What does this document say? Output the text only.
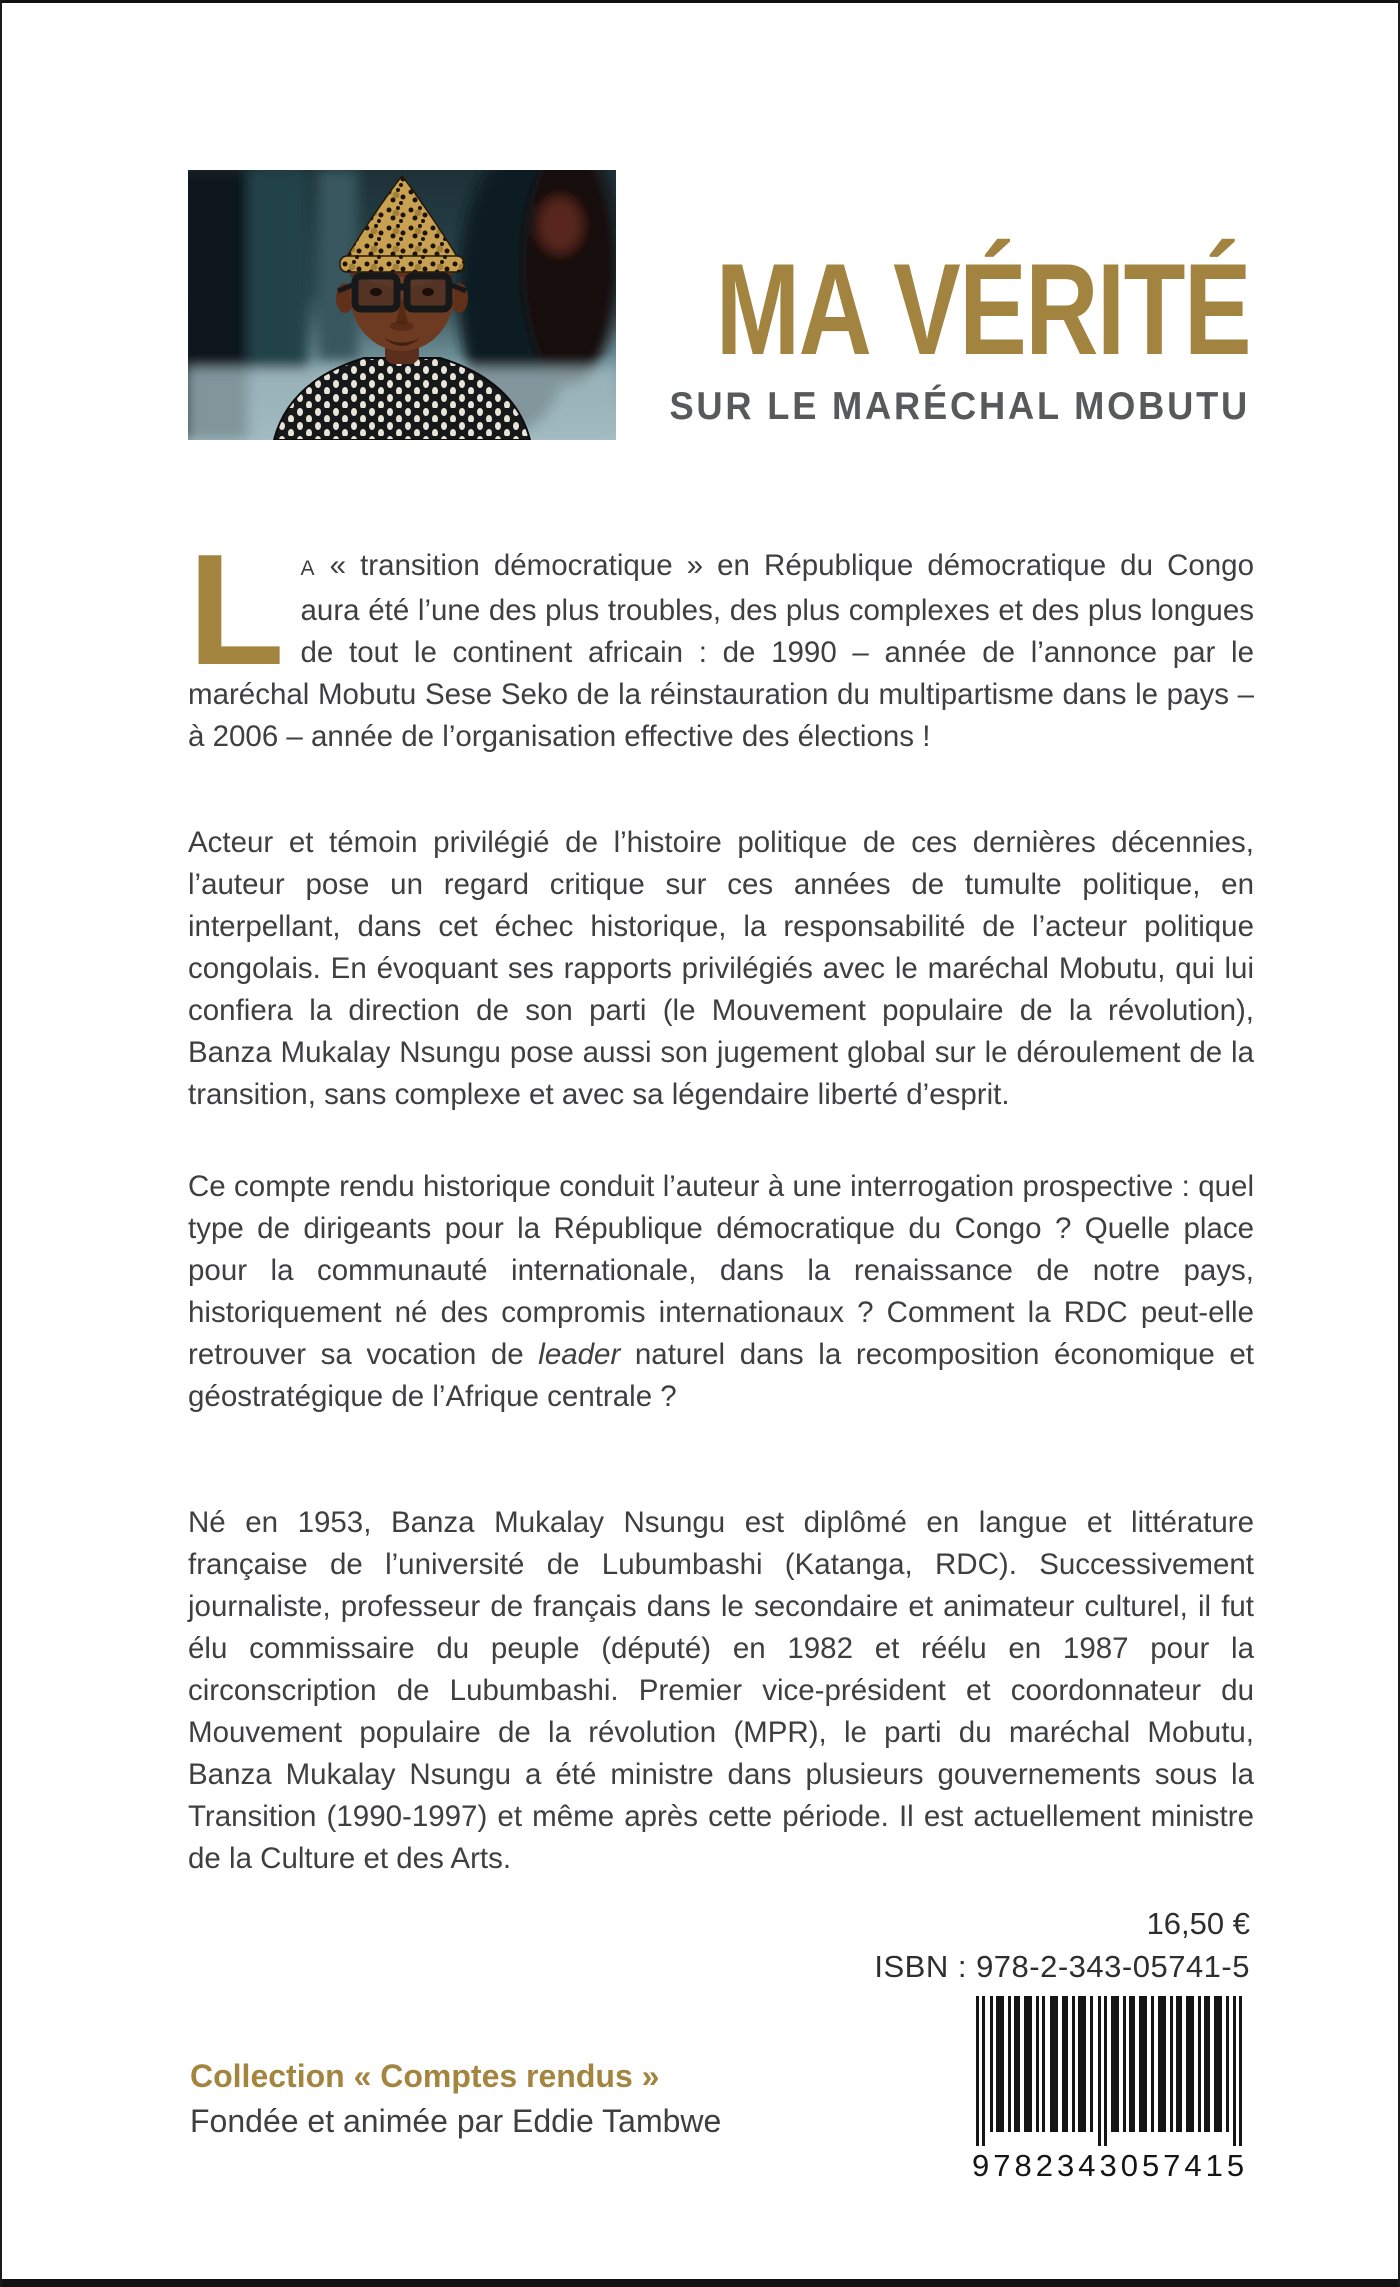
MA VÉRITÉ
SUR LE MARÉCHAL MOBUTU

L A « transition démocratique » en République démocratique du Congo aura été l’une des plus troubles, des plus complexes et des plus longues de tout le continent africain : de 1990 – année de l’annonce par le maréchal Mobutu Sese Seko de la réinstauration du multipartisme dans le pays – à 2006 – année de l’organisation effective des élections !

Acteur et témoin privilégié de l’histoire politique de ces dernières décennies, l’auteur pose un regard critique sur ces années de tumulte politique, en interpellant, dans cet échec historique, la responsabilité de l’acteur politique congolais. En évoquant ses rapports privilégiés avec le maréchal Mobutu, qui lui confiera la direction de son parti (le Mouvement populaire de la révolution), Banza Mukalay Nsungu pose aussi son jugement global sur le déroulement de la transition, sans complexe et avec sa légendaire liberté d’esprit.

Ce compte rendu historique conduit l’auteur à une interrogation prospective : quel type de dirigeants pour la République démocratique du Congo ? Quelle place pour la communauté internationale, dans la renaissance de notre pays, historiquement né des compromis internationaux ? Comment la RDC peut-elle retrouver sa vocation de leader naturel dans la recomposition économique et géostratégique de l’Afrique centrale ?

Né en 1953, Banza Mukalay Nsungu est diplômé en langue et littérature française de l’université de Lubumbashi (Katanga, RDC). Successivement journaliste, professeur de français dans le secondaire et animateur culturel, il fut élu commissaire du peuple (député) en 1982 et réélu en 1987 pour la circonscription de Lubumbashi. Premier vice-président et coordonnateur du Mouvement populaire de la révolution (MPR), le parti du maréchal Mobutu, Banza Mukalay Nsungu a été ministre dans plusieurs gouvernements sous la Transition (1990-1997) et même après cette période. Il est actuellement ministre de la Culture et des Arts.

16,50 €
ISBN : 978-2-343-05741-5
9 782343 057415
Collection « Comptes rendus »
Fondée et animée par Eddie Tambwe
